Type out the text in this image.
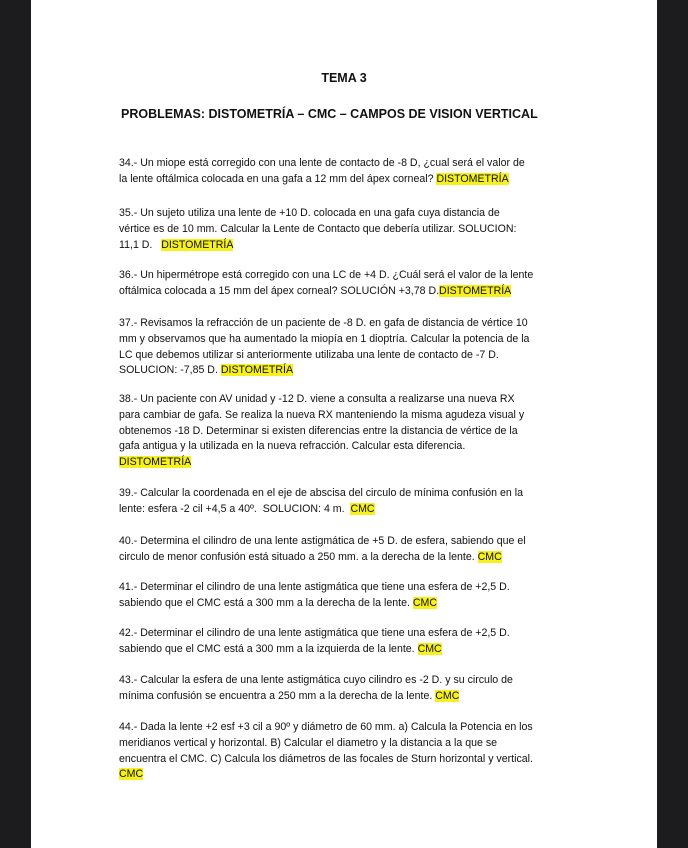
TEMA 3
PROBLEMAS: DISTOMETRÍA – CMC – CAMPOS DE VISION VERTICAL
34.- Un miope está corregido con una lente de contacto de -8 D, ¿cual será el valor de
la lente oftálmica colocada en una gafa a 12 mm del ápex corneal? DISTOMETRÍA
35.- Un sujeto utiliza una lente de +10 D. colocada en una gafa cuya distancia de
vértice es de 10 mm. Calcular la Lente de Contacto que debería utilizar. SOLUCION:
11,1 D.   DISTOMETRÍA
36.- Un hipermétrope está corregido con una LC de +4 D. ¿Cuál será el valor de la lente
oftálmica colocada a 15 mm del ápex corneal? SOLUCIÓN +3,78 D.DISTOMETRÍA
37.- Revisamos la refracción de un paciente de -8 D. en gafa de distancia de vértice 10
mm y observamos que ha aumentado la miopía en 1 dioptría. Calcular la potencia de la
LC que debemos utilizar si anteriormente utilizaba una lente de contacto de -7 D.
SOLUCION: -7,85 D. DISTOMETRÍA
38.- Un paciente con AV unidad y -12 D. viene a consulta a realizarse una nueva RX
para cambiar de gafa. Se realiza la nueva RX manteniendo la misma agudeza visual y
obtenemos -18 D. Determinar si existen diferencias entre la distancia de vértice de la
gafa antigua y la utilizada en la nueva refracción. Calcular esta diferencia.
DISTOMETRÍA
39.- Calcular la coordenada en el eje de abscisa del circulo de mínima confusión en la
lente: esfera -2 cil +4,5 a 40º.  SOLUCION: 4 m.  CMC
40.- Determina el cilindro de una lente astigmática de +5 D. de esfera, sabiendo que el
circulo de menor confusión está situado a 250 mm. a la derecha de la lente. CMC
41.- Determinar el cilindro de una lente astigmática que tiene una esfera de +2,5 D.
sabiendo que el CMC está a 300 mm a la derecha de la lente. CMC
42.- Determinar el cilindro de una lente astigmática que tiene una esfera de +2,5 D.
sabiendo que el CMC está a 300 mm a la izquierda de la lente. CMC
43.- Calcular la esfera de una lente astigmática cuyo cilindro es -2 D. y su circulo de
mínima confusión se encuentra a 250 mm a la derecha de la lente. CMC
44.- Dada la lente +2 esf +3 cil a 90º y diámetro de 60 mm. a) Calcula la Potencia en los
meridianos vertical y horizontal. B) Calcular el diametro y la distancia a la que se
encuentra el CMC. C) Calcula los diámetros de las focales de Sturn horizontal y vertical.
CMC
